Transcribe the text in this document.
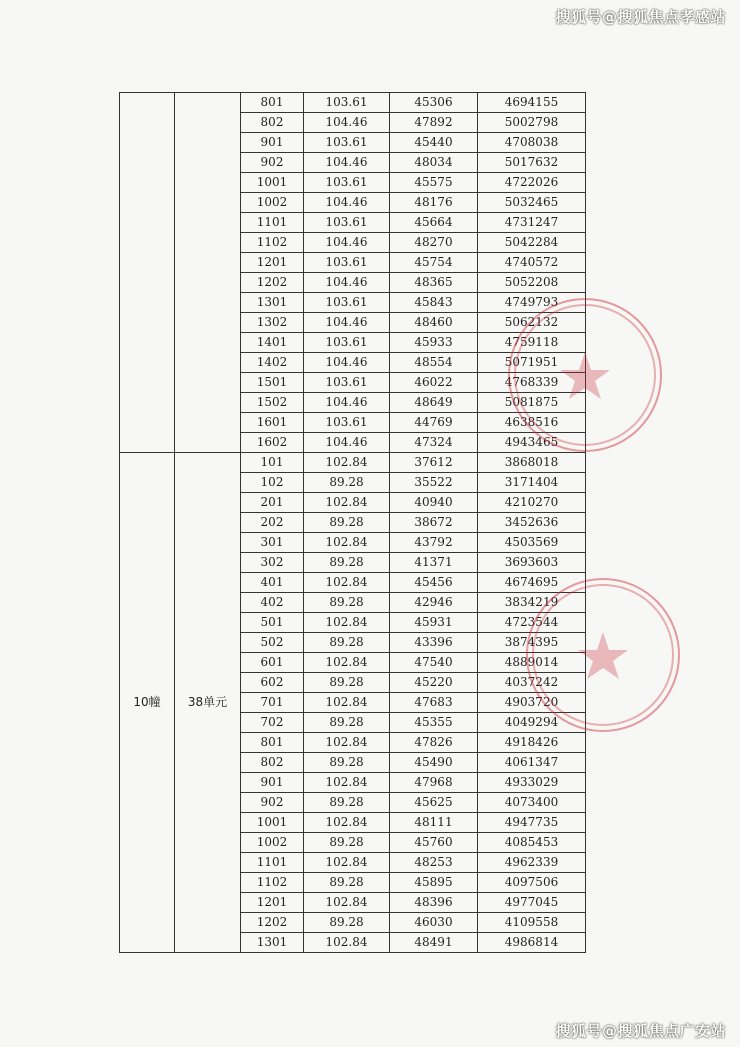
搜狐号@搜狐焦点孝感站
		801	103.61	45306	4694155
		802	104.46	47892	5002798
		901	103.61	45440	4708038
		902	104.46	48034	5017632
		1001	103.61	45575	4722026
		1002	104.46	48176	5032465
		1101	103.61	45664	4731247
		1102	104.46	48270	5042284
		1201	103.61	45754	4740572
		1202	104.46	48365	5052208
		1301	103.61	45843	4749793
		1302	104.46	48460	5062132
		1401	103.61	45933	4759118
		1402	104.46	48554	5071951
		1501	103.61	46022	4768339
		1502	104.46	48649	5081875
		1601	103.61	44769	4638516
		1602	104.46	47324	4943465
10幢	38单元	101	102.84	37612	3868018
		102	89.28	35522	3171404
		201	102.84	40940	4210270
		202	89.28	38672	3452636
		301	102.84	43792	4503569
		302	89.28	41371	3693603
		401	102.84	45456	4674695
		402	89.28	42946	3834219
		501	102.84	45931	4723544
		502	89.28	43396	3874395
		601	102.84	47540	4889014
		602	89.28	45220	4037242
		701	102.84	47683	4903720
		702	89.28	45355	4049294
		801	102.84	47826	4918426
		802	89.28	45490	4061347
		901	102.84	47968	4933029
		902	89.28	45625	4073400
		1001	102.84	48111	4947735
		1002	89.28	45760	4085453
		1101	102.84	48253	4962339
		1102	89.28	45895	4097506
		1201	102.84	48396	4977045
		1202	89.28	46030	4109558
		1301	102.84	48491	4986814
搜狐号@搜狐焦点广安站
